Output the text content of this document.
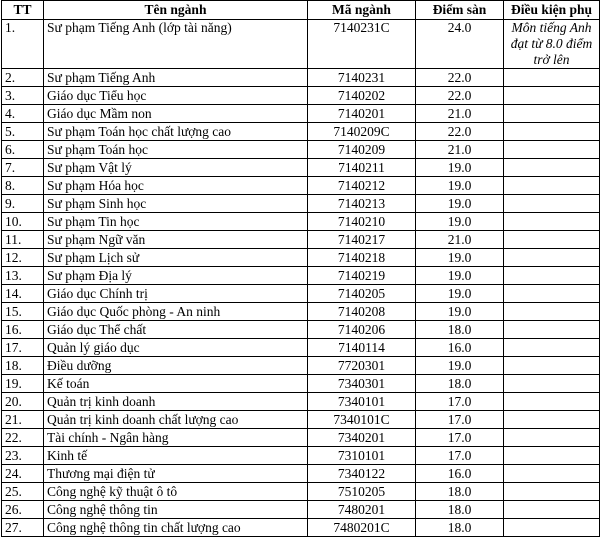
TT	Tên ngành	Mã ngành	Điểm sàn	Điều kiện phụ
1.	Sư phạm Tiếng Anh (lớp tài năng)	7140231C	24.0	Môn tiếng Anh đạt từ 8.0 điểm trở lên
2.	Sư phạm Tiếng Anh	7140231	22.0	
3.	Giáo dục Tiểu học	7140202	22.0	
4.	Giáo dục Mầm non	7140201	21.0	
5.	Sư phạm Toán học chất lượng cao	7140209C	22.0	
6.	Sư phạm Toán học	7140209	21.0	
7.	Sư phạm Vật lý	7140211	19.0	
8.	Sư phạm Hóa học	7140212	19.0	
9.	Sư phạm Sinh học	7140213	19.0	
10.	Sư phạm Tin học	7140210	19.0	
11.	Sư phạm Ngữ văn	7140217	21.0	
12.	Sư phạm Lịch sử	7140218	19.0	
13.	Sư phạm Địa lý	7140219	19.0	
14.	Giáo dục Chính trị	7140205	19.0	
15.	Giáo dục Quốc phòng - An ninh	7140208	19.0	
16.	Giáo dục Thể chất	7140206	18.0	
17.	Quản lý giáo dục	7140114	16.0	
18.	Điều dưỡng	7720301	19.0	
19.	Kế toán	7340301	18.0	
20.	Quản trị kinh doanh	7340101	17.0	
21.	Quản trị kinh doanh chất lượng cao	7340101C	17.0	
22.	Tài chính - Ngân hàng	7340201	17.0	
23.	Kinh tế	7310101	17.0	
24.	Thương mại điện tử	7340122	16.0	
25.	Công nghệ kỹ thuật ô tô	7510205	18.0	
26.	Công nghệ thông tin	7480201	18.0	
27.	Công nghệ thông tin chất lượng cao	7480201C	18.0	
